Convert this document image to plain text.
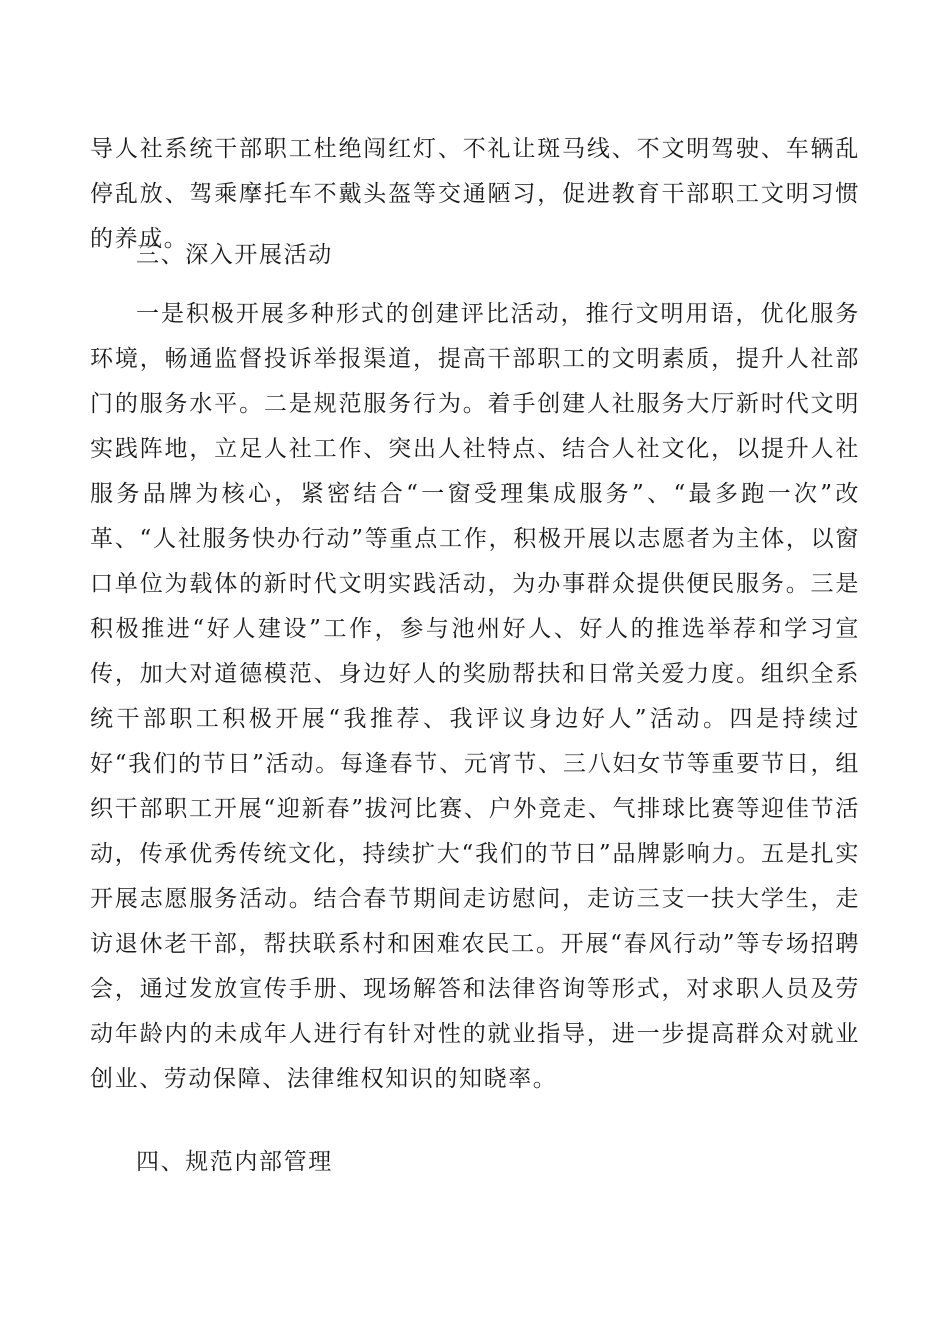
导人社系统干部职工杜绝闯红灯、不礼让斑马线、不文明驾驶、车辆乱停乱放、驾乘摩托车不戴头盔等交通陋习，促进教育干部职工文明习惯的养成。

三、深入开展活动

一是积极开展多种形式的创建评比活动，推行文明用语，优化服务环境，畅通监督投诉举报渠道，提高干部职工的文明素质，提升人社部门的服务水平。二是规范服务行为。着手创建人社服务大厅新时代文明实践阵地，立足人社工作、突出人社特点、结合人社文化，以提升人社服务品牌为核心，紧密结合“一窗受理集成服务”、“最多跑一次”改革、“人社服务快办行动”等重点工作，积极开展以志愿者为主体，以窗口单位为载体的新时代文明实践活动，为办事群众提供便民服务。三是积极推进“好人建设”工作，参与池州好人、好人的推选举荐和学习宣传，加大对道德模范、身边好人的奖励帮扶和日常关爱力度。组织全系统干部职工积极开展“我推荐、我评议身边好人”活动。四是持续过好“我们的节日”活动。每逢春节、元宵节、三八妇女节等重要节日，组织干部职工开展“迎新春”拔河比赛、户外竞走、气排球比赛等迎佳节活动，传承优秀传统文化，持续扩大“我们的节日”品牌影响力。五是扎实开展志愿服务活动。结合春节期间走访慰问，走访三支一扶大学生，走访退休老干部，帮扶联系村和困难农民工。开展“春风行动”等专场招聘会，通过发放宣传手册、现场解答和法律咨询等形式，对求职人员及劳动年龄内的未成年人进行有针对性的就业指导，进一步提高群众对就业创业、劳动保障、法律维权知识的知晓率。

四、规范内部管理
